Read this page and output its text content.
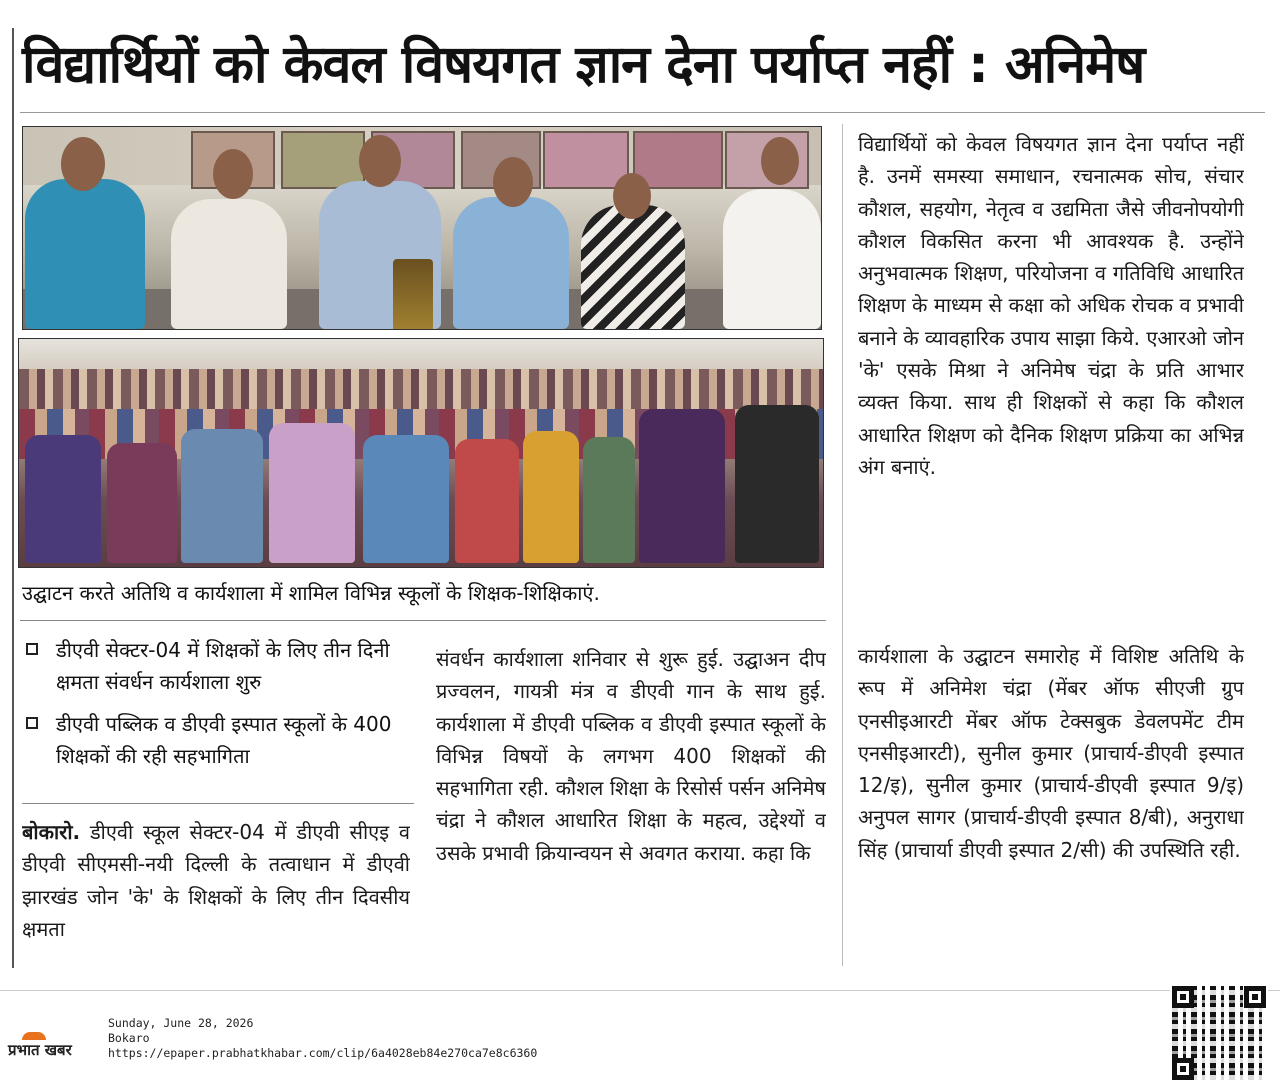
विद्यार्थियों को केवल विषयगत ज्ञान देना पर्याप्त नहीं : अनिमेष
उद्घाटन करते अतिथि व कार्यशाला में शामिल विभिन्न स्कूलों के शिक्षक-शिक्षिकाएं.
डीएवी सेक्टर-04 में शिक्षकों के लिए तीन दिनी क्षमता संवर्धन कार्यशाला शुरु
डीएवी पब्लिक व डीएवी इस्पात स्कूलों के 400 शिक्षकों की रही सहभागिता
बोकारो. डीएवी स्कूल सेक्टर-04 में डीएवी सीएइ व डीएवी सीएमसी-नयी दिल्ली के तत्वाधान में डीएवी झारखंड जोन 'के' के शिक्षकों के लिए तीन दिवसीय क्षमता
संवर्धन कार्यशाला शनिवार से शुरू हुई. उद्घाअन दीप प्रज्वलन, गायत्री मंत्र व डीएवी गान के साथ हुई. कार्यशाला में डीएवी पब्लिक व डीएवी इस्पात स्कूलों के विभिन्न विषयों के लगभग 400 शिक्षकों की सहभागिता रही. कौशल शिक्षा के रिसोर्स पर्सन अनिमेष चंद्रा ने कौशल आधारित शिक्षा के महत्व, उद्देश्यों व उसके प्रभावी क्रियान्वयन से अवगत कराया. कहा कि
विद्यार्थियों को केवल विषयगत ज्ञान देना पर्याप्त नहीं है. उनमें समस्या समाधान, रचनात्मक सोच, संचार कौशल, सहयोग, नेतृत्व व उद्यमिता जैसे जीवनोपयोगी कौशल विकसित करना भी आवश्यक है. उन्होंने अनुभवात्मक शिक्षण, परियोजना व गतिविधि आधारित शिक्षण के माध्यम से कक्षा को अधिक रोचक व प्रभावी बनाने के व्यावहारिक उपाय साझा किये. एआरओ जोन 'के' एसके मिश्रा ने अनिमेष चंद्रा के प्रति आभार व्यक्त किया. साथ ही शिक्षकों से कहा कि कौशल आधारित शिक्षण को दैनिक शिक्षण प्रक्रिया का अभिन्न अंग बनाएं.
कार्यशाला के उद्घाटन समारोह में विशिष्ट अतिथि के रूप में अनिमेश चंद्रा (मेंबर ऑफ सीएजी ग्रुप एनसीइआरटी मेंबर ऑफ टेक्सबुक डेवलपमेंट टीम एनसीइआरटी), सुनील कुमार (प्राचार्य-डीएवी इस्पात 12/इ), सुनील कुमार (प्राचार्य-डीएवी इस्पात 9/इ) अनुपल सागर (प्राचार्य-डीएवी इस्पात 8/बी), अनुराधा सिंह (प्राचार्या डीएवी इस्पात 2/सी) की उपस्थिति रही.
प्रभात खबर
Sunday, June 28, 2026
Bokaro
https://epaper.prabhatkhabar.com/clip/6a4028eb84e270ca7e8c6360
